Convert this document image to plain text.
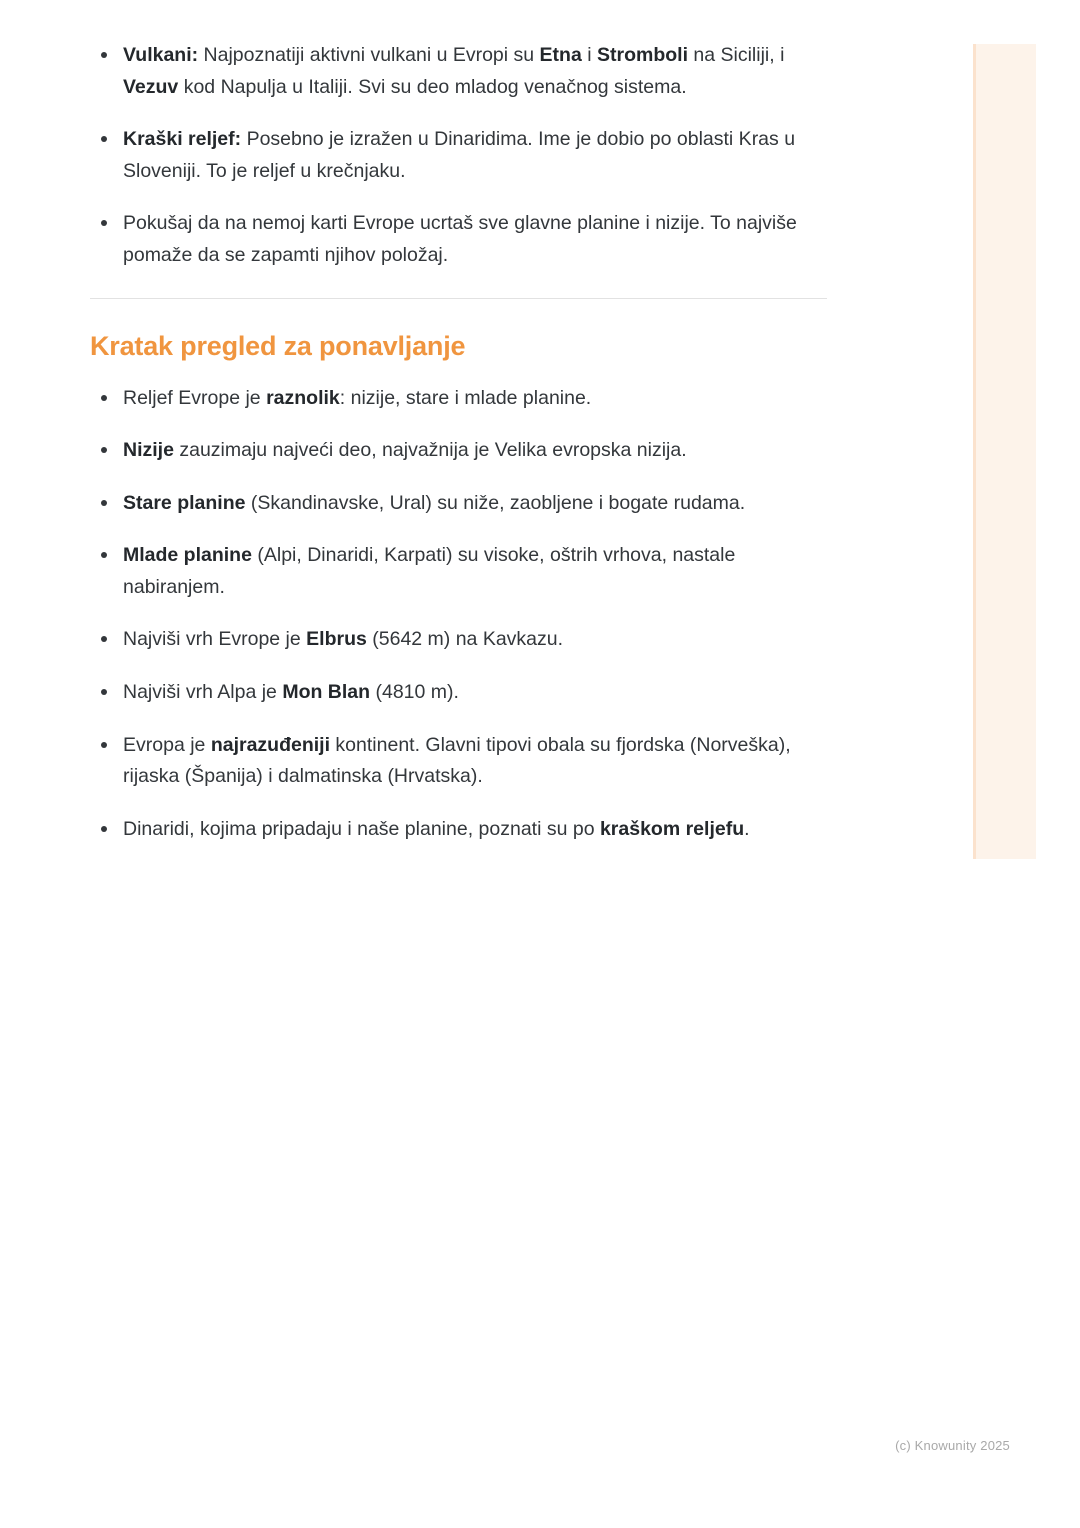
Vulkani: Najpoznatiji aktivni vulkani u Evropi su Etna i Stromboli na Siciliji, i Vezuv kod Napulja u Italiji. Svi su deo mladog venačnog sistema.
Kraški reljef: Posebno je izražen u Dinaridima. Ime je dobio po oblasti Kras u Sloveniji. To je reljef u krečnjaku.
Pokušaj da na nemoj karti Evrope ucrtaš sve glavne planine i nizije. To najviše pomaže da se zapamti njihov položaj.
Kratak pregled za ponavljanje
Reljef Evrope je raznolik: nizije, stare i mlade planine.
Nizije zauzimaju najveći deo, najvažnija je Velika evropska nizija.
Stare planine (Skandinavske, Ural) su niže, zaobljene i bogate rudama.
Mlade planine (Alpi, Dinaridi, Karpati) su visoke, oštrih vrhova, nastale nabiranjem.
Najviši vrh Evrope je Elbrus (5642 m) na Kavkazu.
Najviši vrh Alpa je Mon Blan (4810 m).
Evropa je najrazuđeniji kontinent. Glavni tipovi obala su fjordska (Norveška), rijaska (Španija) i dalmatinska (Hrvatska).
Dinaridi, kojima pripadaju i naše planine, poznati su po kraškom reljefu.
(c) Knowunity 2025
